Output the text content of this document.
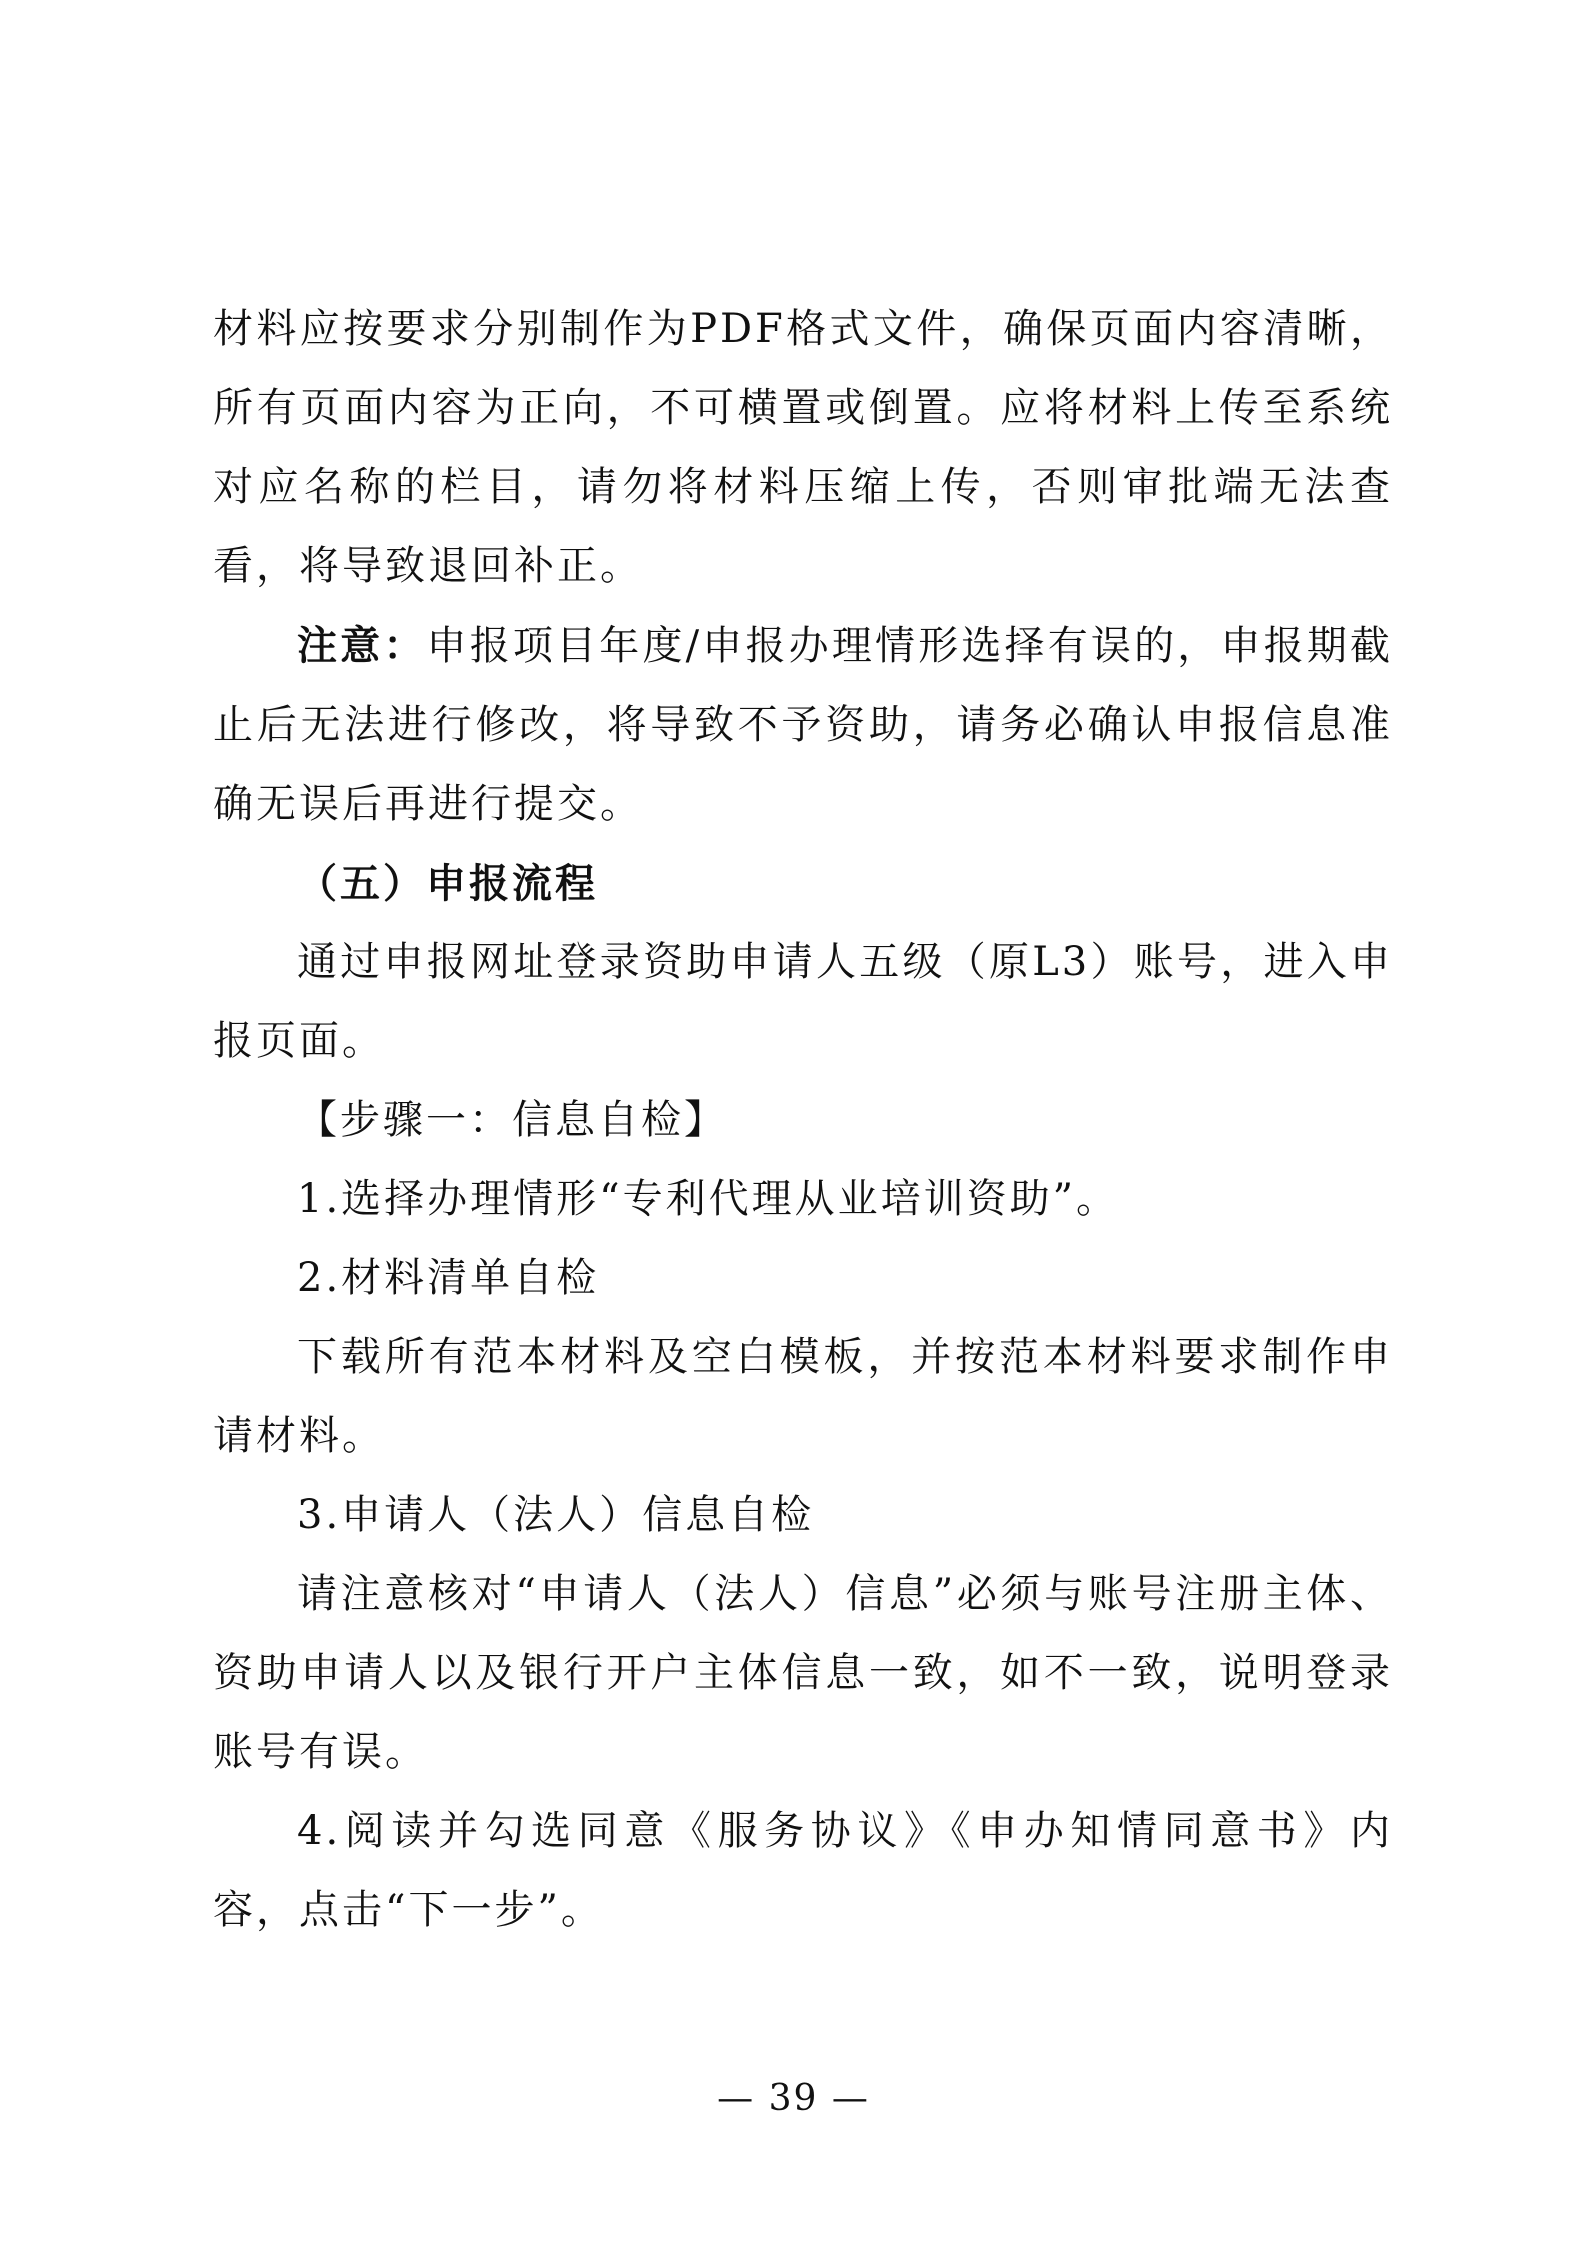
材料应按要求分别制作为PDF格式文件，确保页面内容清晰，所有页面内容为正向，不可横置或倒置。应将材料上传至系统对应名称的栏目，请勿将材料压缩上传，否则审批端无法查看，将导致退回补正。

注意：申报项目年度/申报办理情形选择有误的，申报期截止后无法进行修改，将导致不予资助，请务必确认申报信息准确无误后再进行提交。

（五）申报流程

通过申报网址登录资助申请人五级（原L3）账号，进入申报页面。

【步骤一：信息自检】

1.选择办理情形“专利代理从业培训资助”。

2.材料清单自检

下载所有范本材料及空白模板，并按范本材料要求制作申请材料。

3.申请人（法人）信息自检

请注意核对“申请人（法人）信息”必须与账号注册主体、资助申请人以及银行开户主体信息一致，如不一致，说明登录账号有误。

4.阅读并勾选同意《服务协议》《申办知情同意书》内容，点击“下一步”。

— 39 —
